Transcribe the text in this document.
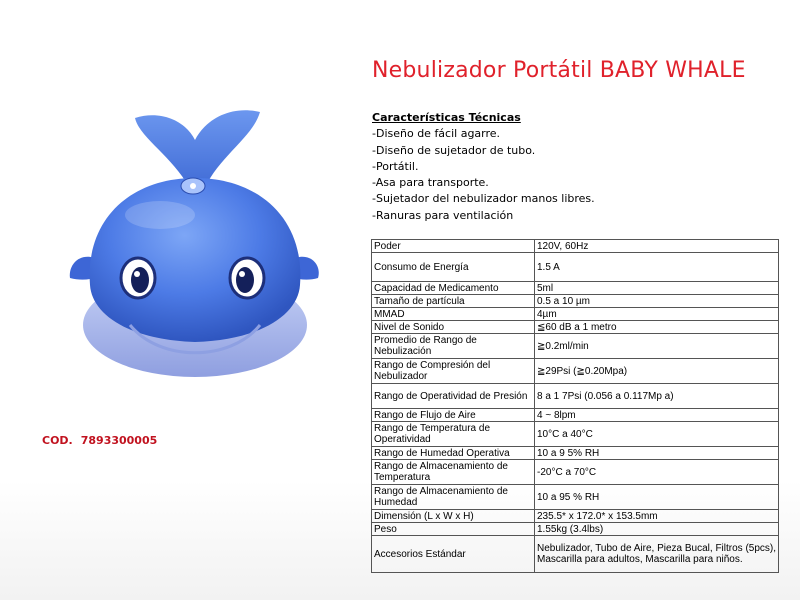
Nebulizador Portátil BABY WHALE
COD. 7893300005
Características Técnicas
-Diseño de fácil agarre.
-Diseño de sujetador de tubo.
-Portátil.
-Asa para transporte.
-Sujetador del nebulizador manos libres.
-Ranuras para ventilación
Poder	120V, 60Hz
Consumo de Energía	1.5 A
Capacidad de Medicamento	5ml
Tamaño de partícula	0.5 a 10 µm
MMAD	4µm
Nivel de Sonido	≦60 dB a 1 metro
Promedio de Rango de Nebulización	≧0.2ml/min
Rango de Compresión del Nebulizador	≧29Psi (≧0.20Mpa)
Rango de Operatividad de Presión	8 a 1 7Psi (0.056 a 0.117Mp a)
Rango de Flujo de Aire	4 ~ 8lpm
Rango de Temperatura de Operatividad	10°C a 40°C
Rango de Humedad Operativa	10 a 9 5% RH
Rango de Almacenamiento de Temperatura	-20°C a 70°C
Rango de Almacenamiento de Humedad	10 a 95 % RH
Dimensión (L x W x H)	235.5* x 172.0* x 153.5mm
Peso	1.55kg (3.4lbs)
Accesorios Estándar	Nebulizador, Tubo de Aire, Pieza Bucal, Filtros (5pcs), Mascarilla para adultos, Mascarilla para niños.
